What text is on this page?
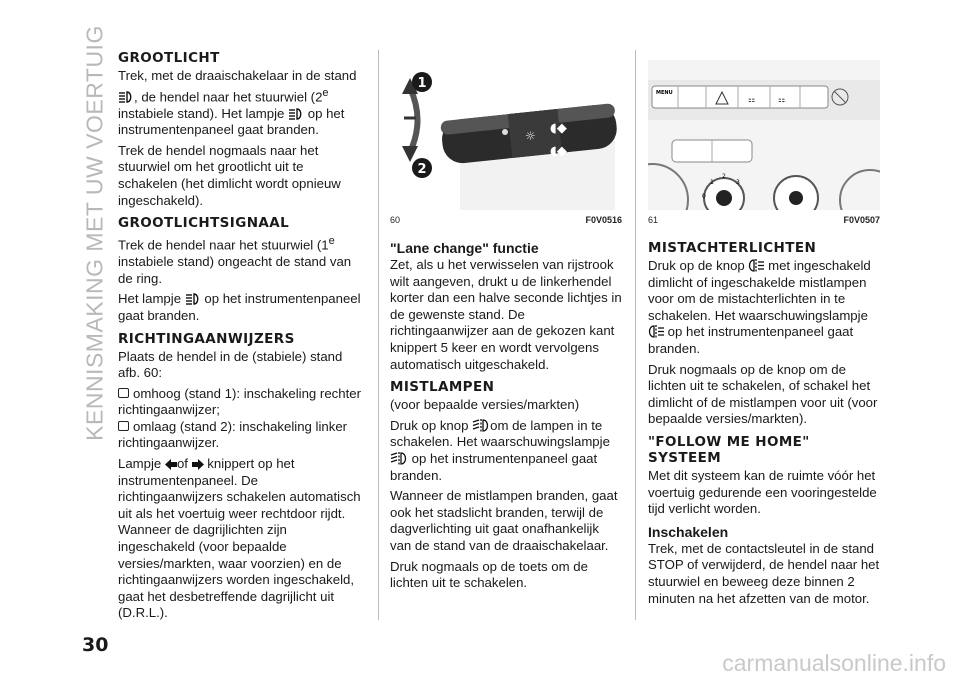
KENNISMAKING MET UW VOERTUIG
30
carmanualsonline.info
GROOTLICHT

Trek, met de draaischakelaar in de stand , de hendel naar het stuurwiel (2e instabiele stand). Het lampje  op het instrumentenpaneel gaat branden.

Trek de hendel nogmaals naar het stuurwiel om het grootlicht uit te schakelen (het dimlicht wordt opnieuw ingeschakeld).

GROOTLICHTSIGNAAL

Trek de hendel naar het stuurwiel (1e instabiele stand) ongeacht de stand van de ring.

Het lampje  op het instrumentenpaneel gaat branden.

RICHTINGAANWIJZERS

Plaats de hendel in de (stabiele) stand afb. 60:

omhoog (stand 1): inschakeling rechter richtingaanwijzer;

omlaag (stand 2): inschakeling linker richtingaanwijzer.

Lampje of knippert op het instrumentenpaneel. De richtingaanwijzers schakelen automatisch uit als het voertuig weer rechtdoor rijdt. Wanneer de dagrijlichten zijn ingeschakeld (voor bepaalde versies/markten, waar voorzien) en de richtingaanwijzers worden ingeschakeld, gaat het desbetreffende dagrijlicht uit (D.R.L.).

☼ ◖◆
◖◆
1
2
60	F0V0516
MENU
⚏	⚏
1
2
3
0
61	F0V0507
"Lane change" functie

Zet, als u het verwisselen van rijstrook wilt aangeven, drukt u de linkerhendel korter dan een halve seconde lichtjes in de gewenste stand. De richtingaanwijzer aan de gekozen kant knippert 5 keer en wordt vervolgens automatisch uitgeschakeld.

MISTLAMPEN

(voor bepaalde versies/markten)

Druk op knop om de lampen in te schakelen. Het waarschuwingslampje  op het instrumentenpaneel gaat branden.

Wanneer de mistlampen branden, gaat ook het stadslicht branden, terwijl de dagverlichting uit gaat onafhankelijk van de stand van de draaischakelaar.

Druk nogmaals op de toets om de lichten uit te schakelen.

MISTACHTERLICHTEN

Druk op de knop  met ingeschakeld dimlicht of ingeschakelde mistlampen voor om de mistachterlichten in te schakelen. Het waarschuwingslampje  op het instrumentenpaneel gaat branden.

Druk nogmaals op de knop om de lichten uit te schakelen, of schakel het dimlicht of de mistlampen voor uit (voor bepaalde versies/markten).

"FOLLOW ME HOME"
SYSTEEM

Met dit systeem kan de ruimte vóór het voertuig gedurende een vooringestelde tijd verlicht worden.

Inschakelen

Trek, met de contactsleutel in de stand STOP of verwijderd, de hendel naar het stuurwiel en beweeg deze binnen 2 minuten na het afzetten van de motor.
